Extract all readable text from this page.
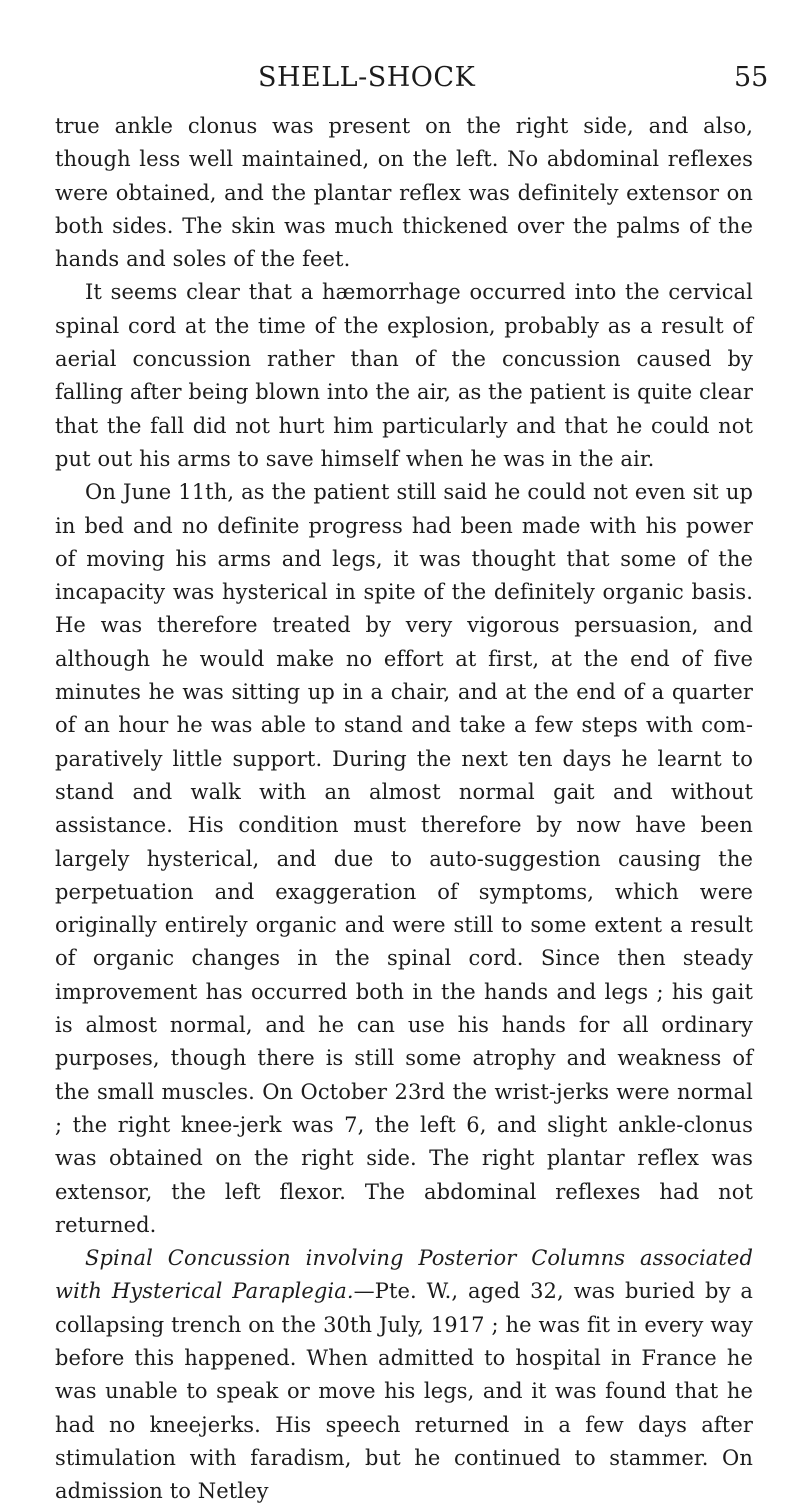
SHELL-SHOCK	55

true ankle clonus was present on the right side, and also, though less well maintained, on the left. No abdominal reflexes were obtained, and the plantar reflex was definitely extensor on both sides. The skin was much thickened over the palms of the hands and soles of the feet.

It seems clear that a hæmorrhage occurred into the cervical spinal cord at the time of the explosion, probably as a result of aerial concussion rather than of the concussion caused by falling after being blown into the air, as the patient is quite clear that the fall did not hurt him particularly and that he could not put out his arms to save himself when he was in the air.

On June 11th, as the patient still said he could not even sit up in bed and no definite progress had been made with his power of moving his arms and legs, it was thought that some of the incapacity was hysterical in spite of the definitely organic basis. He was therefore treated by very vigorous persuasion, and although he would make no effort at first, at the end of five minutes he was sitting up in a chair, and at the end of a quarter of an hour he was able to stand and take a few steps with comparatively little support. During the next ten days he learnt to stand and walk with an almost normal gait and without assistance. His condition must therefore by now have been largely hysterical, and due to auto-suggestion causing the perpetuation and exaggeration of symptoms, which were originally entirely organic and were still to some extent a result of organic changes in the spinal cord. Since then steady improvement has occurred both in the hands and legs ; his gait is almost normal, and he can use his hands for all ordinary purposes, though there is still some atrophy and weakness of the small muscles. On October 23rd the wrist-jerks were normal ; the right knee-jerk was 7, the left 6, and slight ankle-clonus was obtained on the right side. The right plantar reflex was extensor, the left flexor. The abdominal reflexes had not returned.

Spinal Concussion involving Posterior Columns associated with Hysterical Paraplegia.—Pte. W., aged 32, was buried by a collapsing trench on the 30th July, 1917 ; he was fit in every way before this happened. When admitted to hospital in France he was unable to speak or move his legs, and it was found that he had no kneejerks. His speech returned in a few days after stimulation with faradism, but he continued to stammer. On admission to Netley
